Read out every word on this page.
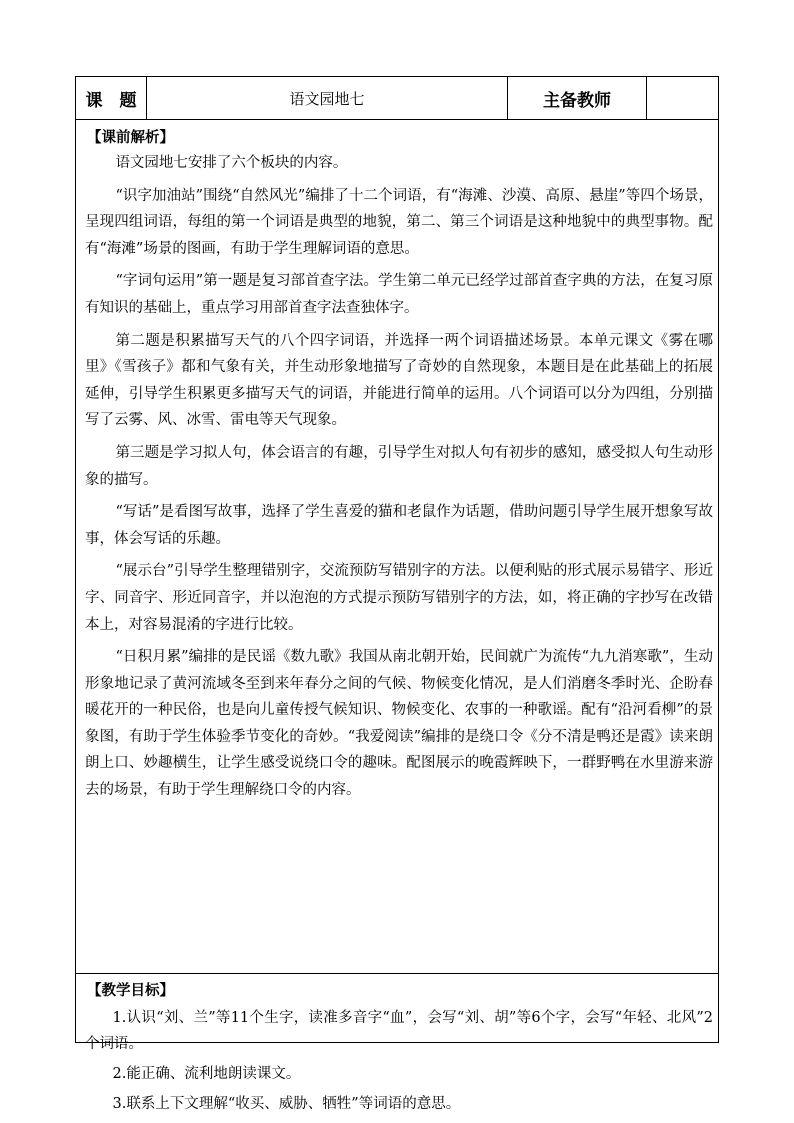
课　题	语文园地七	主备教师
【课前解析】

语文园地七安排了六个板块的内容。

“识字加油站”围绕“自然风光”编排了十二个词语，有“海滩、沙漠、高原、悬崖”等四个场景，呈现四组词语，每组的第一个词语是典型的地貌，第二、第三个词语是这种地貌中的典型事物。配有“海滩”场景的图画，有助于学生理解词语的意思。

“字词句运用”第一题是复习部首查字法。学生第二单元已经学过部首查字典的方法，在复习原有知识的基础上，重点学习用部首查字法查独体字。

第二题是积累描写天气的八个四字词语，并选择一两个词语描述场景。本单元课文《雾在哪里》《雪孩子》都和气象有关，并生动形象地描写了奇妙的自然现象，本题目是在此基础上的拓展延伸，引导学生积累更多描写天气的词语，并能进行简单的运用。八个词语可以分为四组，分别描写了云雾、风、冰雪、雷电等天气现象。

第三题是学习拟人句，体会语言的有趣，引导学生对拟人句有初步的感知，感受拟人句生动形象的描写。

“写话”是看图写故事，选择了学生喜爱的猫和老鼠作为话题，借助问题引导学生展开想象写故事，体会写话的乐趣。

“展示台”引导学生整理错别字，交流预防写错别字的方法。以便利贴的形式展示易错字、形近字、同音字、形近同音字，并以泡泡的方式提示预防写错别字的方法，如，将正确的字抄写在改错本上，对容易混淆的字进行比较。

“日积月累”编排的是民谣《数九歌》我国从南北朝开始，民间就广为流传“九九消寒歌”，生动形象地记录了黄河流域冬至到来年春分之间的气候、物候变化情况，是人们消磨冬季时光、企盼春暖花开的一种民俗，也是向儿童传授气候知识、物候变化、农事的一种歌谣。配有“沿河看柳”的景象图，有助于学生体验季节变化的奇妙。“我爱阅读”编排的是绕口令《分不清是鸭还是霞》读来朗朗上口、妙趣横生，让学生感受说绕口令的趣味。配图展示的晚霞辉映下，一群野鸭在水里游来游去的场景，有助于学生理解绕口令的内容。

【教学目标】

1.认识“刘、兰”等11个生字，读准多音字“血”，会写“刘、胡”等6个字，会写“年轻、北风”2个词语。

2.能正确、流利地朗读课文。

3.联系上下文理解“收买、威胁、牺牲”等词语的意思。
